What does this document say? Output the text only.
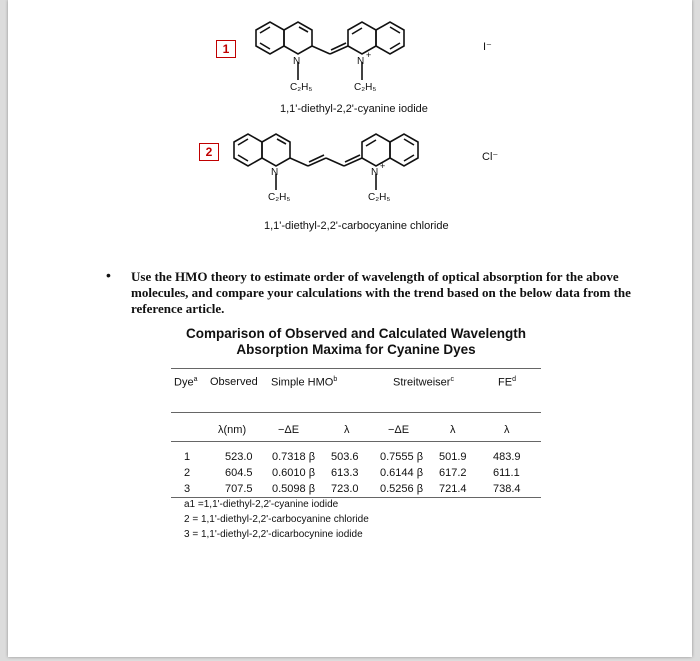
1
N	N
+
C₂H₅	C₂H₅
I⁻
1,1'-diethyl-2,2'-cyanine iodide
2
N	N
+
C₂H₅	C₂H₅
Cl⁻
1,1'-diethyl-2,2'-carbocyanine chloride
• Use the HMO theory to estimate order of wavelength of optical absorption for the above molecules, and compare your calculations with the trend based on the below data from the reference article.
Comparison of Observed and Calculated Wavelength
Absorption Maxima for Cyanine Dyes
Dye$^a$ Observed Simple HMO$^b$	Streitweiser$^c$	$FE^d$
λ(nm)	−ΔE	λ	−ΔE	λ	λ
1	523.0 0.7318 β 503.6 0.7555 β 501.9 483.9
2	604.5 0.6010 β 613.3 0.6144 β 617.2 611.1
3	707.5 0.5098 β 723.0 0.5256 β 721.4 738.4
a1 =1,1'-diethyl-2,2'-cyanine iodide
2 = 1,1'-diethyl-2,2'-carbocyanine chloride
3 = 1,1'-diethyl-2,2'-dicarbocynine iodide
